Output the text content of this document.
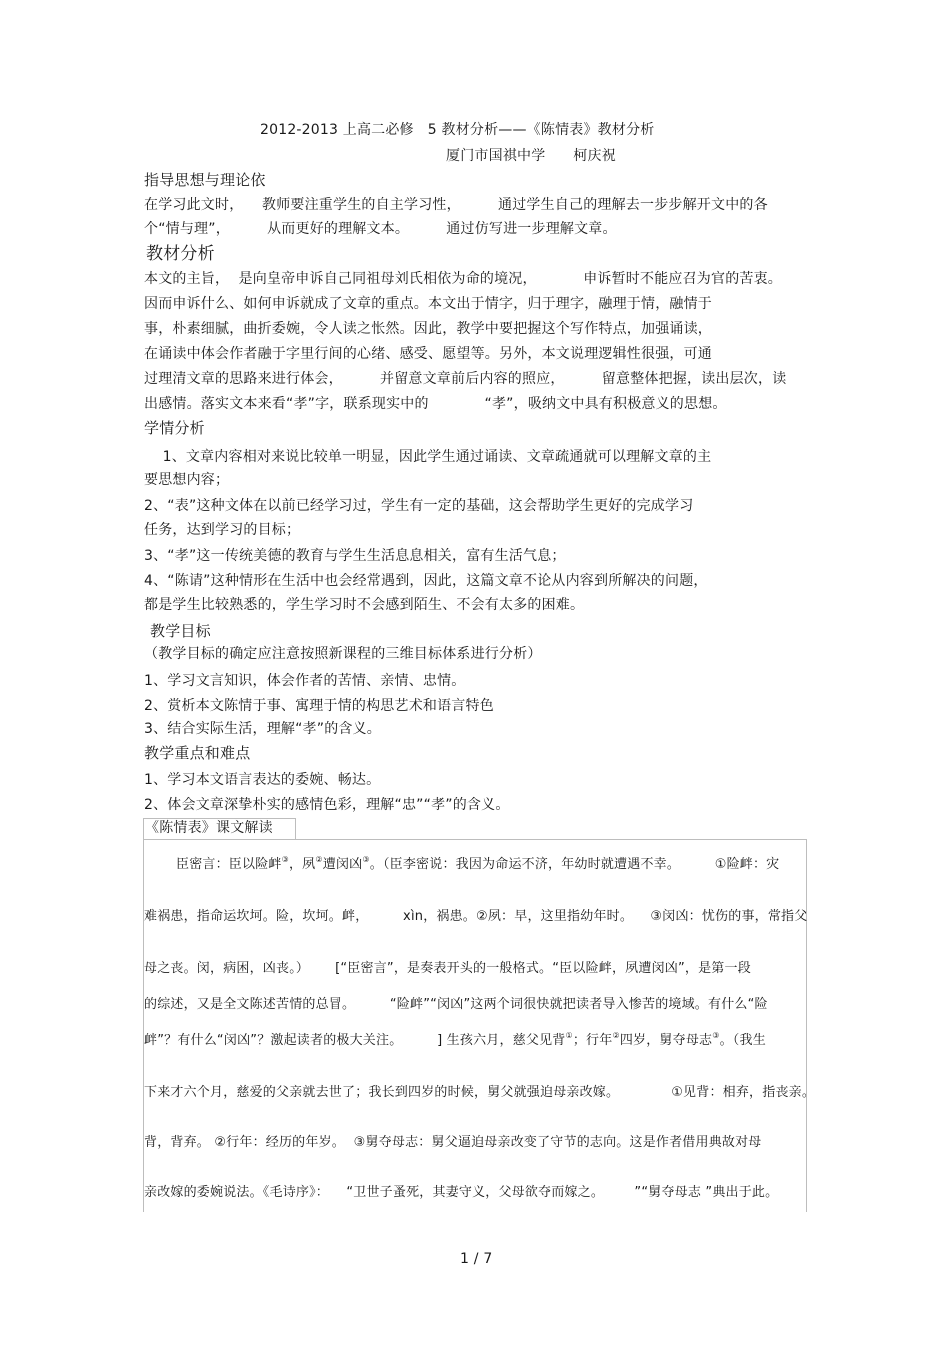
2012-2013 上高二必修   5 教材分析——《陈情表》教材分析
厦门市国祺中学      柯庆祝
指导思想与理论依
在学习此文时，    教师要注重学生的自主学习性，        通过学生自己的理解去一步步解开文中的各
个“情与理”，        从而更好的理解文本。        通过仿写进一步理解文章。
教材分析
本文的主旨，  是向皇帝申诉自己同祖母刘氏相依为命的境况，          申诉暂时不能应召为官的苦衷。
因而申诉什么、如何申诉就成了文章的重点。本文出于情字，归于理字，融理于情，融情于
事，朴素细腻，曲折委婉，令人读之怅然。因此，教学中要把握这个写作特点，加强诵读，
在诵读中体会作者融于字里行间的心绪、感受、愿望等。另外，本文说理逻辑性很强，可通
过理清文章的思路来进行体会，        并留意文章前后内容的照应，        留意整体把握，读出层次，读
出感情。落实文本来看“孝”字，联系现实中的            “孝”，吸纳文中具有积极意义的思想。
学情分析
1、文章内容相对来说比较单一明显，因此学生通过诵读、文章疏通就可以理解文章的主
要思想内容；
2、“表”这种文体在以前已经学习过，学生有一定的基础，这会帮助学生更好的完成学习
任务，达到学习的目标；
3、“孝”这一传统美德的教育与学生生活息息相关，富有生活气息；
4、“陈请”这种情形在生活中也会经常遇到，因此，这篇文章不论从内容到所解决的问题，
都是学生比较熟悉的，学生学习时不会感到陌生、不会有太多的困难。
教学目标
（教学目标的确定应注意按照新课程的三维目标体系进行分析）
1、学习文言知识，体会作者的苦情、亲情、忠情。
2、赏析本文陈情于事、寓理于情的构思艺术和语言特色
3、结合实际生活，理解“孝”的含义。
教学重点和难点
1、学习本文语言表达的委婉、畅达。
2、体会文章深挚朴实的感情色彩，理解“忠”“孝”的含义。
《陈情表》课文解读
臣密言：臣以险衅③，夙②遭闵凶③。（臣李密说：我因为命运不济，年幼时就遭遇不幸。        ①险衅：灾
难祸患，指命运坎坷。险，坎坷。衅，        xìn，祸患。②夙：早，这里指幼年时。    ③闵凶：忧伤的事，常指父
母之丧。闵，病困，凶丧。）      [“臣密言”，是奏表开头的一般格式。“臣以险衅，夙遭闵凶”，是第一段
的综述，又是全文陈述苦情的总冒。        “险衅”“闵凶”这两个词很快就把读者导入惨苦的境域。有什么“险
衅”？有什么“闵凶”？激起读者的极大关注。        ] 生孩六月，慈父见背①；行年②四岁，舅夺母志③。（我生
下来才六个月，慈爱的父亲就去世了；我长到四岁的时候，舅父就强迫母亲改嫁。            ①见背：相弃，指丧亲。
背，背弃。 ②行年：经历的年岁。  ③舅夺母志：舅父逼迫母亲改变了守节的志向。这是作者借用典故对母
亲改嫁的委婉说法。《毛诗序》：    “卫世子蚤死，其妻守义，父母欲夺而嫁之。       ”“舅夺母志 ”典出于此。
1 / 7
